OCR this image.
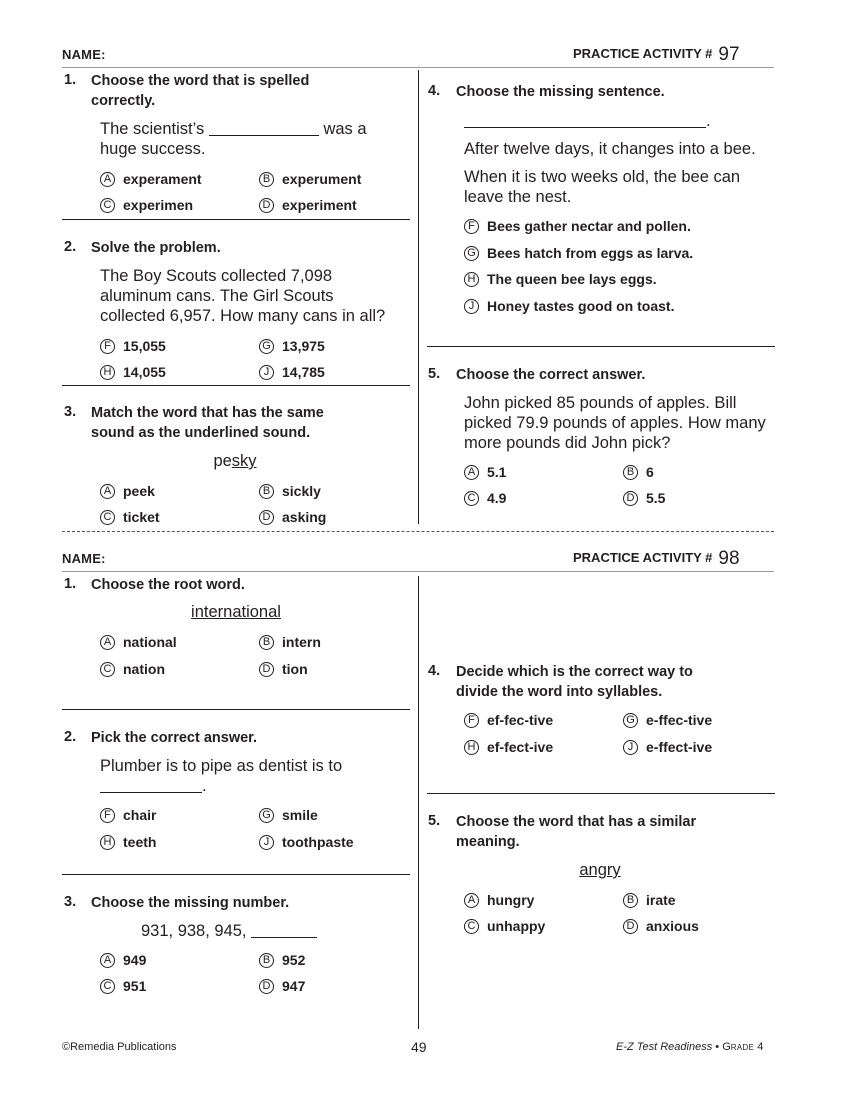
NAME:	PRACTICE ACTIVITY # 97
1. Choose the word that is spelled
correctly.
The scientist’s	was a
huge success.
A experament	B experument
C experimen	D experiment
2. Solve the problem.
The Boy Scouts collected 7,098
aluminum cans. The Girl Scouts
collected 6,957. How many cans in all?
F 15,055	G 13,975
H 14,055	J 14,785
3. Match the word that has the same
sound as the underlined sound.
pesky
A peek	B sickly
C ticket	D asking
4. Choose the missing sentence.
.
After twelve days, it changes into a bee.
When it is two weeks old, the bee can
leave the nest.
F Bees gather nectar and pollen.
G Bees hatch from eggs as larva.
H The queen bee lays eggs.
J Honey tastes good on toast.
5. Choose the correct answer.
John picked 85 pounds of apples. Bill
picked 79.9 pounds of apples. How many
more pounds did John pick?
A 5.1	B 6
C 4.9	D 5.5
NAME:	PRACTICE ACTIVITY # 98
1. Choose the root word.
international
A national	B intern
C nation	D tion
2. Pick the correct answer.
Plumber is to pipe as dentist is to
.
F chair	G smile
H teeth	J toothpaste
3. Choose the missing number.
931, 938, 945,
A 949	B 952
C 951	D 947
4. Decide which is the correct way to
divide the word into syllables.
F ef-fec-tive	G e-ffec-tive
H ef-fect-ive	J e-ffect-ive
5. Choose the word that has a similar
meaning.
angry
A hungry	B irate
C unhappy	D anxious
©Remedia Publications	49	E-Z Test Readiness • GRADE 4
